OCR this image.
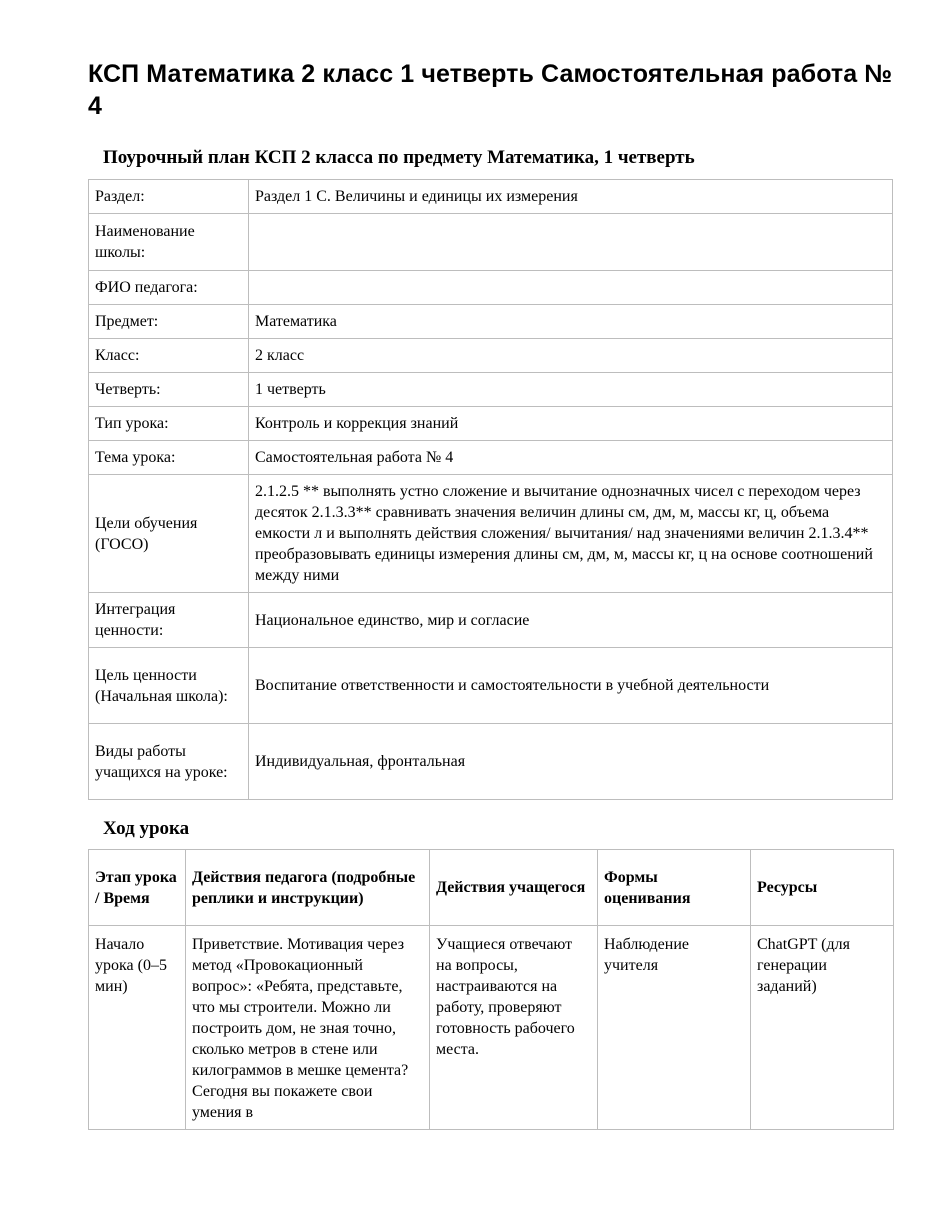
КСП Математика 2 класс 1 четверть Самостоятельная работа № 4
Поурочный план КСП 2 класса по предмету Математика, 1 четверть
Раздел:	Раздел 1 С. Величины и единицы их измерения
Наименование школы:	
ФИО педагога:	
Предмет:	Математика
Класс:	2 класс
Четверть:	1 четверть
Тип урока:	Контроль и коррекция знаний
Тема урока:	Самостоятельная работа № 4
Цели обучения (ГОСО)	2.1.2.5 ** выполнять устно сложение и вычитание однозначных чисел с переходом через десяток 2.1.3.3** сравнивать значения величин длины см, дм, м, массы кг, ц, объема емкости л и выполнять действия сложения/ вычитания/ над значениями величин 2.1.3.4** преобразовывать единицы измерения длины см, дм, м, массы кг, ц на основе соотношений между ними
Интеграция ценности:	Национальное единство, мир и согласие
Цель ценности (Начальная школа):	Воспитание ответственности и самостоятельности в учебной деятельности
Виды работы учащихся на уроке:	Индивидуальная, фронтальная
Ход урока
Этап урока / Время	Действия педагога (подробные реплики и инструкции)	Действия учащегося	Формы оценивания	Ресурсы
Начало урока (0–5 мин)	Приветствие. Мотивация через метод «Провокационный вопрос»: «Ребята, представьте, что мы строители. Можно ли построить дом, не зная точно, сколько метров в стене или килограммов в мешке цемента? Сегодня вы покажете свои умения в	Учащиеся отвечают на вопросы, настраиваются на работу, проверяют готовность рабочего места.	Наблюдение учителя	ChatGPT (для генерации заданий)
